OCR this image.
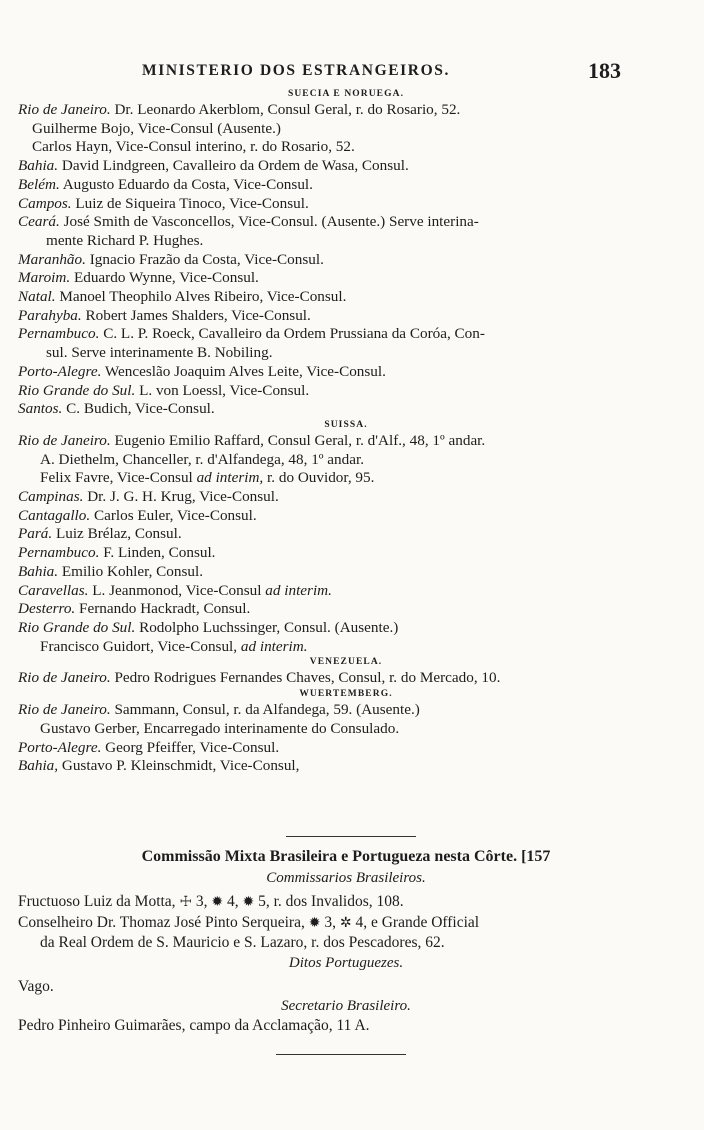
MINISTERIO DOS ESTRANGEIROS.	183
SUECIA E NORUEGA.
Rio de Janeiro. Dr. Leonardo Akerblom, Consul Geral, r. do Rosario, 52.
Guilherme Bojo, Vice-Consul (Ausente.)
Carlos Hayn, Vice-Consul interino, r. do Rosario, 52.
Bahia. David Lindgreen, Cavalleiro da Ordem de Wasa, Consul.
Belém. Augusto Eduardo da Costa, Vice-Consul.
Campos. Luiz de Siqueira Tinoco, Vice-Consul.
Ceará. José Smith de Vasconcellos, Vice-Consul. (Ausente.) Serve interina-
mente Richard P. Hughes.
Maranhão. Ignacio Frazão da Costa, Vice-Consul.
Maroim. Eduardo Wynne, Vice-Consul.
Natal. Manoel Theophilo Alves Ribeiro, Vice-Consul.
Parahyba. Robert James Shalders, Vice-Consul.
Pernambuco. C. L. P. Roeck, Cavalleiro da Ordem Prussiana da Coróa, Con-
sul. Serve interinamente B. Nobiling.
Porto-Alegre. Wenceslão Joaquim Alves Leite, Vice-Consul.
Rio Grande do Sul. L. von Loessl, Vice-Consul.
Santos. C. Budich, Vice-Consul.
SUISSA.
Rio de Janeiro. Eugenio Emilio Raffard, Consul Geral, r. d'Alf., 48, 1º andar.
A. Diethelm, Chanceller, r. d'Alfandega, 48, 1º andar.
Felix Favre, Vice-Consul ad interim, r. do Ouvidor, 95.
Campinas. Dr. J. G. H. Krug, Vice-Consul.
Cantagallo. Carlos Euler, Vice-Consul.
Pará. Luiz Brélaz, Consul.
Pernambuco. F. Linden, Consul.
Bahia. Emilio Kohler, Consul.
Caravellas. L. Jeanmonod, Vice-Consul ad interim.
Desterro. Fernando Hackradt, Consul.
Rio Grande do Sul. Rodolpho Luchssinger, Consul. (Ausente.)
Francisco Guidort, Vice-Consul, ad interim.
VENEZUELA.
Rio de Janeiro. Pedro Rodrigues Fernandes Chaves, Consul, r. do Mercado, 10.
WUERTEMBERG.
Rio de Janeiro. Sammann, Consul, r. da Alfandega, 59. (Ausente.)
Gustavo Gerber, Encarregado interinamente do Consulado.
Porto-Alegre. Georg Pfeiffer, Vice-Consul.
Bahia, Gustavo P. Kleinschmidt, Vice-Consul,
Commissão Mixta Brasileira e Portugueza nesta Côrte. [157
Commissarios Brasileiros.
Fructuoso Luiz da Motta, ☩ 3, ✹ 4, ✹ 5, r. dos Invalidos, 108.
Conselheiro Dr. Thomaz José Pinto Serqueira, ✹ 3, ✲ 4, e Grande Official
da Real Ordem de S. Mauricio e S. Lazaro, r. dos Pescadores, 62.
Ditos Portuguezes.
Vago.
Secretario Brasileiro.
Pedro Pinheiro Guimarães, campo da Acclamação, 11 A.
